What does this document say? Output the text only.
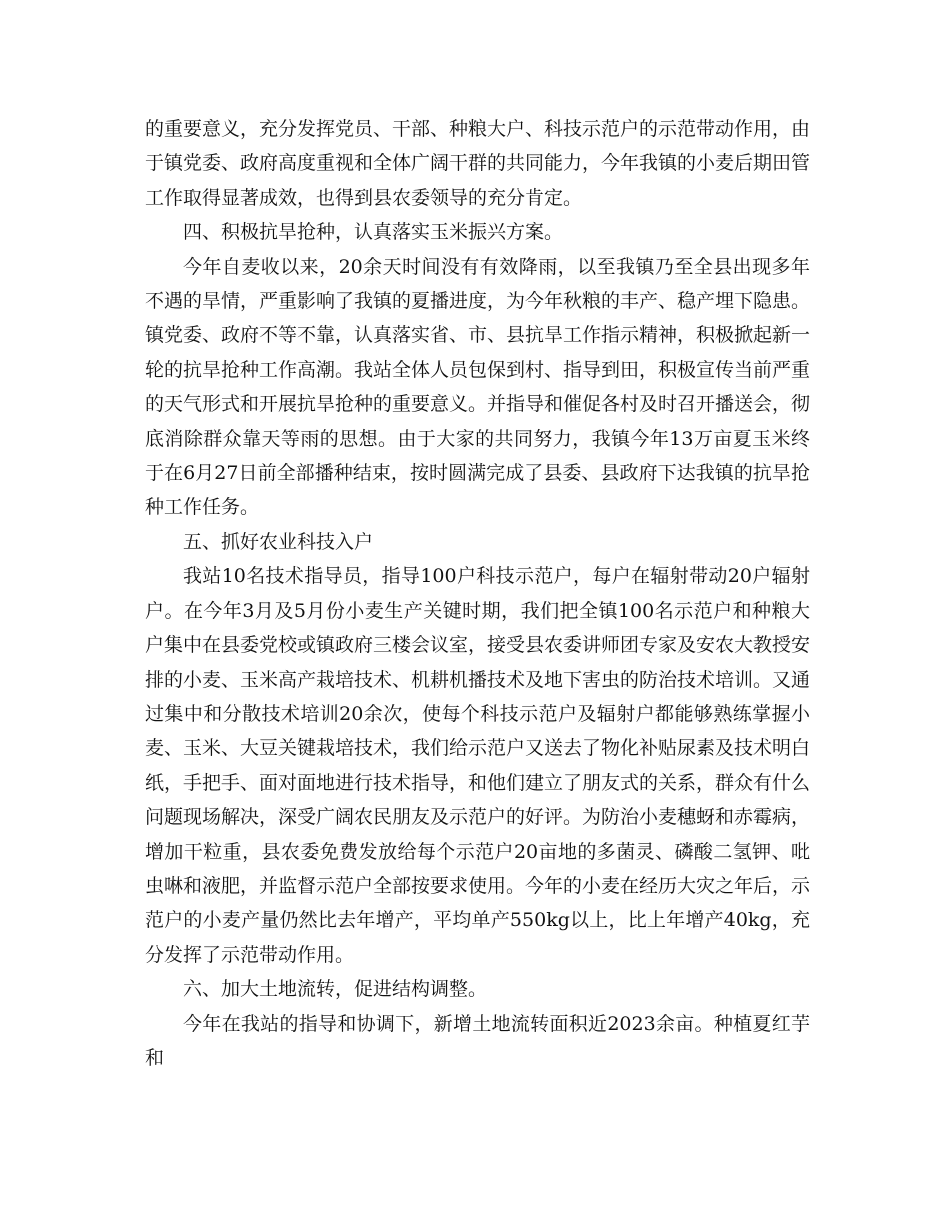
的重要意义，充分发挥党员、干部、种粮大户、科技示范户的示范带动作用，由于镇党委、政府高度重视和全体广阔干群的共同能力，今年我镇的小麦后期田管工作取得显著成效，也得到县农委领导的充分肯定。

四、积极抗旱抢种，认真落实玉米振兴方案。

今年自麦收以来，20余天时间没有有效降雨，以至我镇乃至全县出现多年不遇的旱情，严重影响了我镇的夏播进度，为今年秋粮的丰产、稳产埋下隐患。镇党委、政府不等不靠，认真落实省、市、县抗旱工作指示精神，积极掀起新一轮的抗旱抢种工作高潮。我站全体人员包保到村、指导到田，积极宣传当前严重的天气形式和开展抗旱抢种的重要意义。并指导和催促各村及时召开播送会，彻底消除群众靠天等雨的思想。由于大家的共同努力，我镇今年13万亩夏玉米终于在6月27日前全部播种结束，按时圆满完成了县委、县政府下达我镇的抗旱抢种工作任务。

五、抓好农业科技入户

我站10名技术指导员，指导100户科技示范户，每户在辐射带动20户辐射户。在今年3月及5月份小麦生产关键时期，我们把全镇100名示范户和种粮大户集中在县委党校或镇政府三楼会议室，接受县农委讲师团专家及安农大教授安排的小麦、玉米高产栽培技术、机耕机播技术及地下害虫的防治技术培训。又通过集中和分散技术培训20余次，使每个科技示范户及辐射户都能够熟练掌握小麦、玉米、大豆关键栽培技术，我们给示范户又送去了物化补贴尿素及技术明白纸，手把手、面对面地进行技术指导，和他们建立了朋友式的关系，群众有什么问题现场解决，深受广阔农民朋友及示范户的好评。为防治小麦穗蚜和赤霉病，增加干粒重，县农委免费发放给每个示范户20亩地的多菌灵、磷酸二氢钾、吡虫啉和液肥，并监督示范户全部按要求使用。今年的小麦在经历大灾之年后，示范户的小麦产量仍然比去年增产，平均单产550kg以上，比上年增产40kg，充分发挥了示范带动作用。

六、加大土地流转，促进结构调整。

今年在我站的指导和协调下，新增土地流转面积近2023余亩。种植夏红芋和
